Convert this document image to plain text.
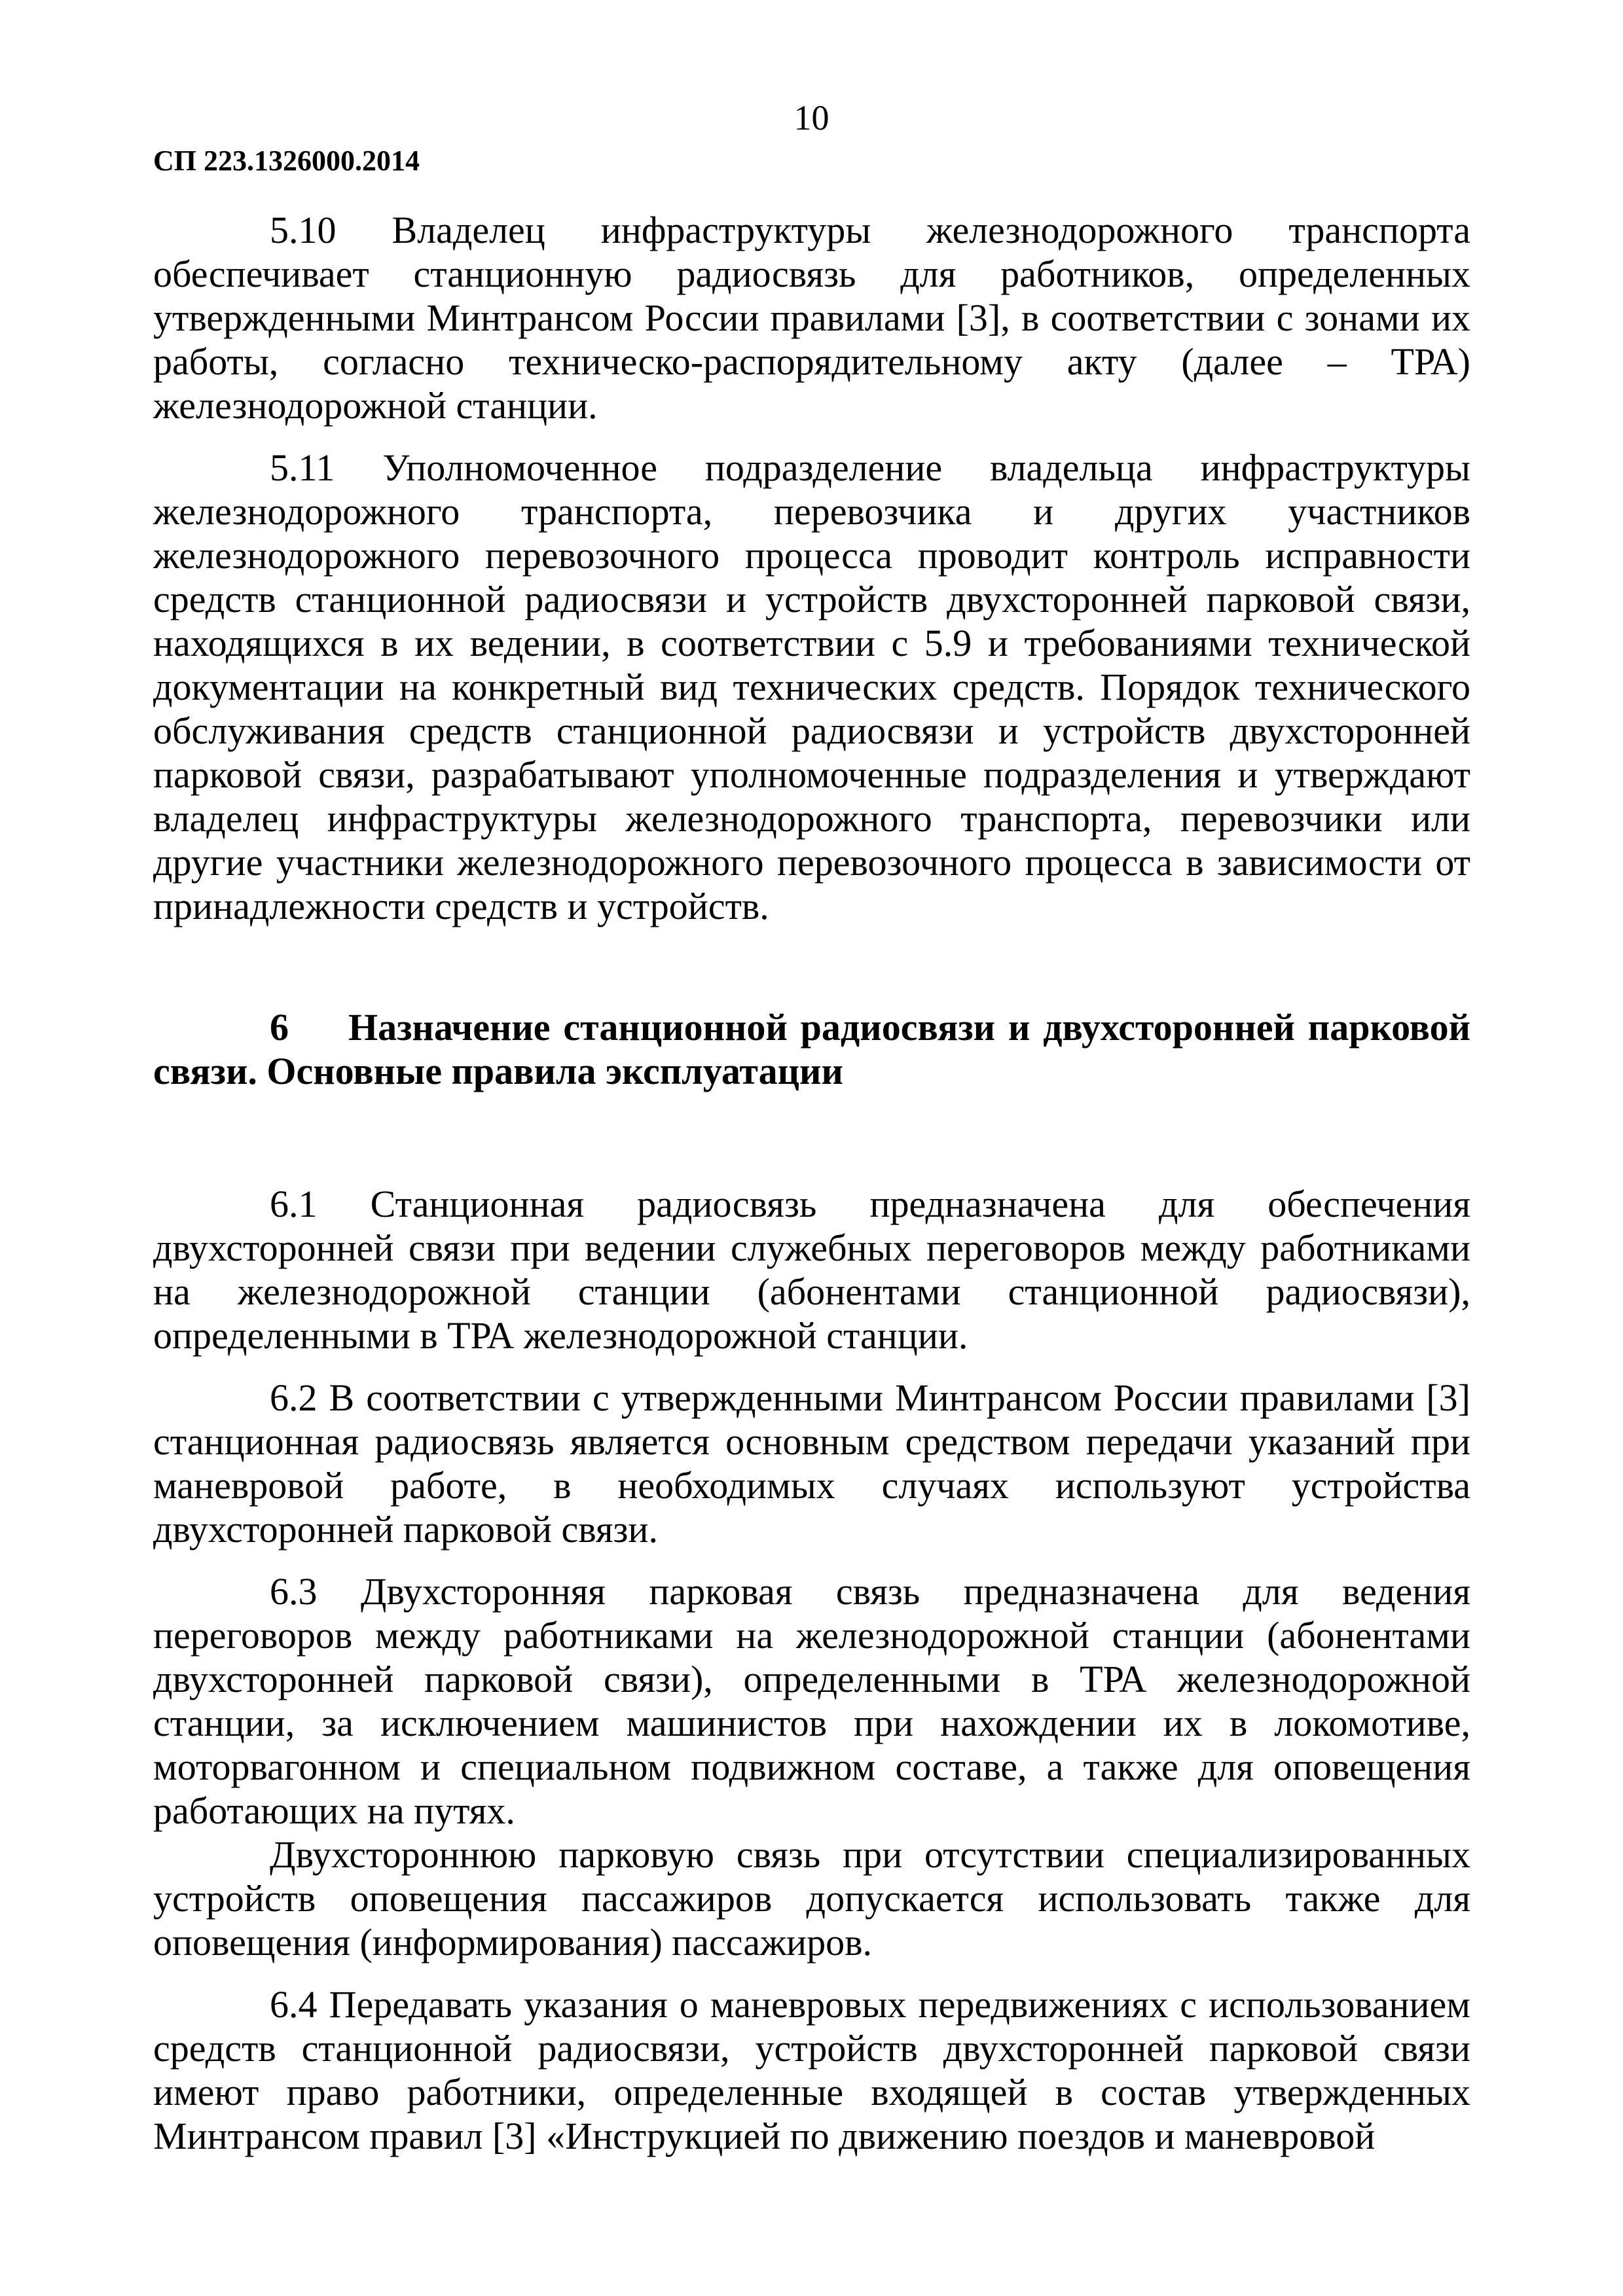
10

СП 223.1326000.2014

5.10 Владелец инфраструктуры железнодорожного транспорта обеспечивает станционную радиосвязь для работников, определенных утвержденными Минтрансом России правилами [3], в соответствии с зонами их работы, согласно техническо-распорядительному акту (далее – ТРА) железнодорожной станции.

5.11 Уполномоченное подразделение владельца инфраструктуры железнодорожного транспорта, перевозчика и других участников железнодорожного перевозочного процесса проводит контроль исправности средств станционной радиосвязи и устройств двухсторонней парковой связи, находящихся в их ведении, в соответствии с 5.9 и требованиями технической документации на конкретный вид технических средств. Порядок технического обслуживания средств станционной радиосвязи и устройств двухсторонней парковой связи, разрабатывают уполномоченные подразделения и утверждают владелец инфраструктуры железнодорожного транспорта, перевозчики или другие участники железнодорожного перевозочного процесса в зависимости от принадлежности средств и устройств.

6 Назначение станционной радиосвязи и двухсторонней парковой связи. Основные правила эксплуатации

6.1 Станционная радиосвязь предназначена для обеспечения двухсторонней связи при ведении служебных переговоров между работниками на железнодорожной станции (абонентами станционной радиосвязи), определенными в ТРА железнодорожной станции.

6.2 В соответствии с утвержденными Минтрансом России правилами [3] станционная радиосвязь является основным средством передачи указаний при маневровой работе, в необходимых случаях используют устройства двухсторонней парковой связи.

6.3 Двухсторонняя парковая связь предназначена для ведения переговоров между работниками на железнодорожной станции (абонентами двухсторонней парковой связи), определенными в ТРА железнодорожной станции, за исключением машинистов при нахождении их в локомотиве, моторвагонном и специальном подвижном составе, а также для оповещения работающих на путях.

Двухстороннюю парковую связь при отсутствии специализированных устройств оповещения пассажиров допускается использовать также для оповещения (информирования) пассажиров.

6.4 Передавать указания о маневровых передвижениях с использованием средств станционной радиосвязи, устройств двухсторонней парковой связи имеют право работники, определенные входящей в состав утвержденных Минтрансом правил [3] «Инструкцией по движению поездов и маневровой
